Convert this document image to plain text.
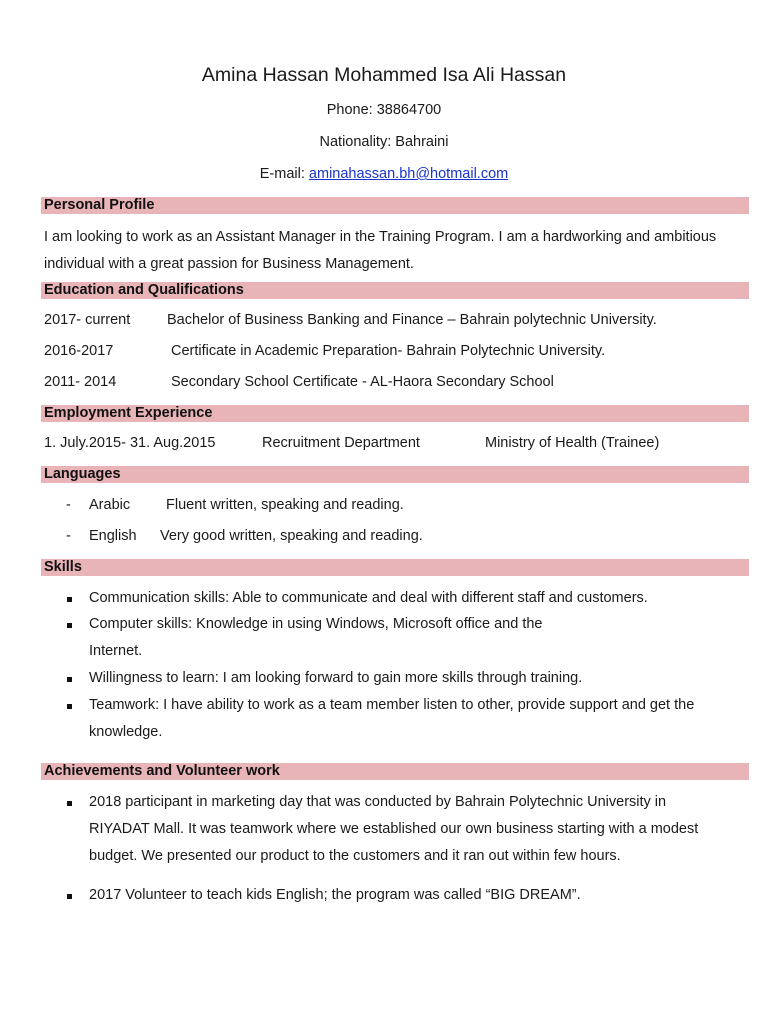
Amina Hassan Mohammed Isa Ali Hassan
Phone: 38864700
Nationality: Bahraini
E-mail: aminahassan.bh@hotmail.com
Personal Profile
I am looking to work as an Assistant Manager in the Training Program. I am a hardworking and ambitious individual with a great passion for Business Management.
Education and Qualifications
2017- current	Bachelor of Business Banking and Finance – Bahrain polytechnic University.
2016-2017	Certificate in Academic Preparation- Bahrain Polytechnic University.
2011- 2014	Secondary School Certificate - AL-Haora Secondary School
Employment Experience
1. July.2015- 31. Aug.2015	Recruitment Department	Ministry of Health (Trainee)
Languages
- Arabic Fluent written, speaking and reading.
- English Very good written, speaking and reading.
Skills
Communication skills: Able to communicate and deal with different staff and customers.
Computer skills: Knowledge in using Windows, Microsoft office and the
Internet.
Willingness to learn: I am looking forward to gain more skills through training.
Teamwork: I have ability to work as a team member listen to other, provide support and get the
knowledge.
Achievements and Volunteer work
2018 participant in marketing day that was conducted by Bahrain Polytechnic University in
RIYADAT Mall. It was teamwork where we established our own business starting with a modest
budget. We presented our product to the customers and it ran out within few hours.
2017 Volunteer to teach kids English; the program was called “BIG DREAM”.
